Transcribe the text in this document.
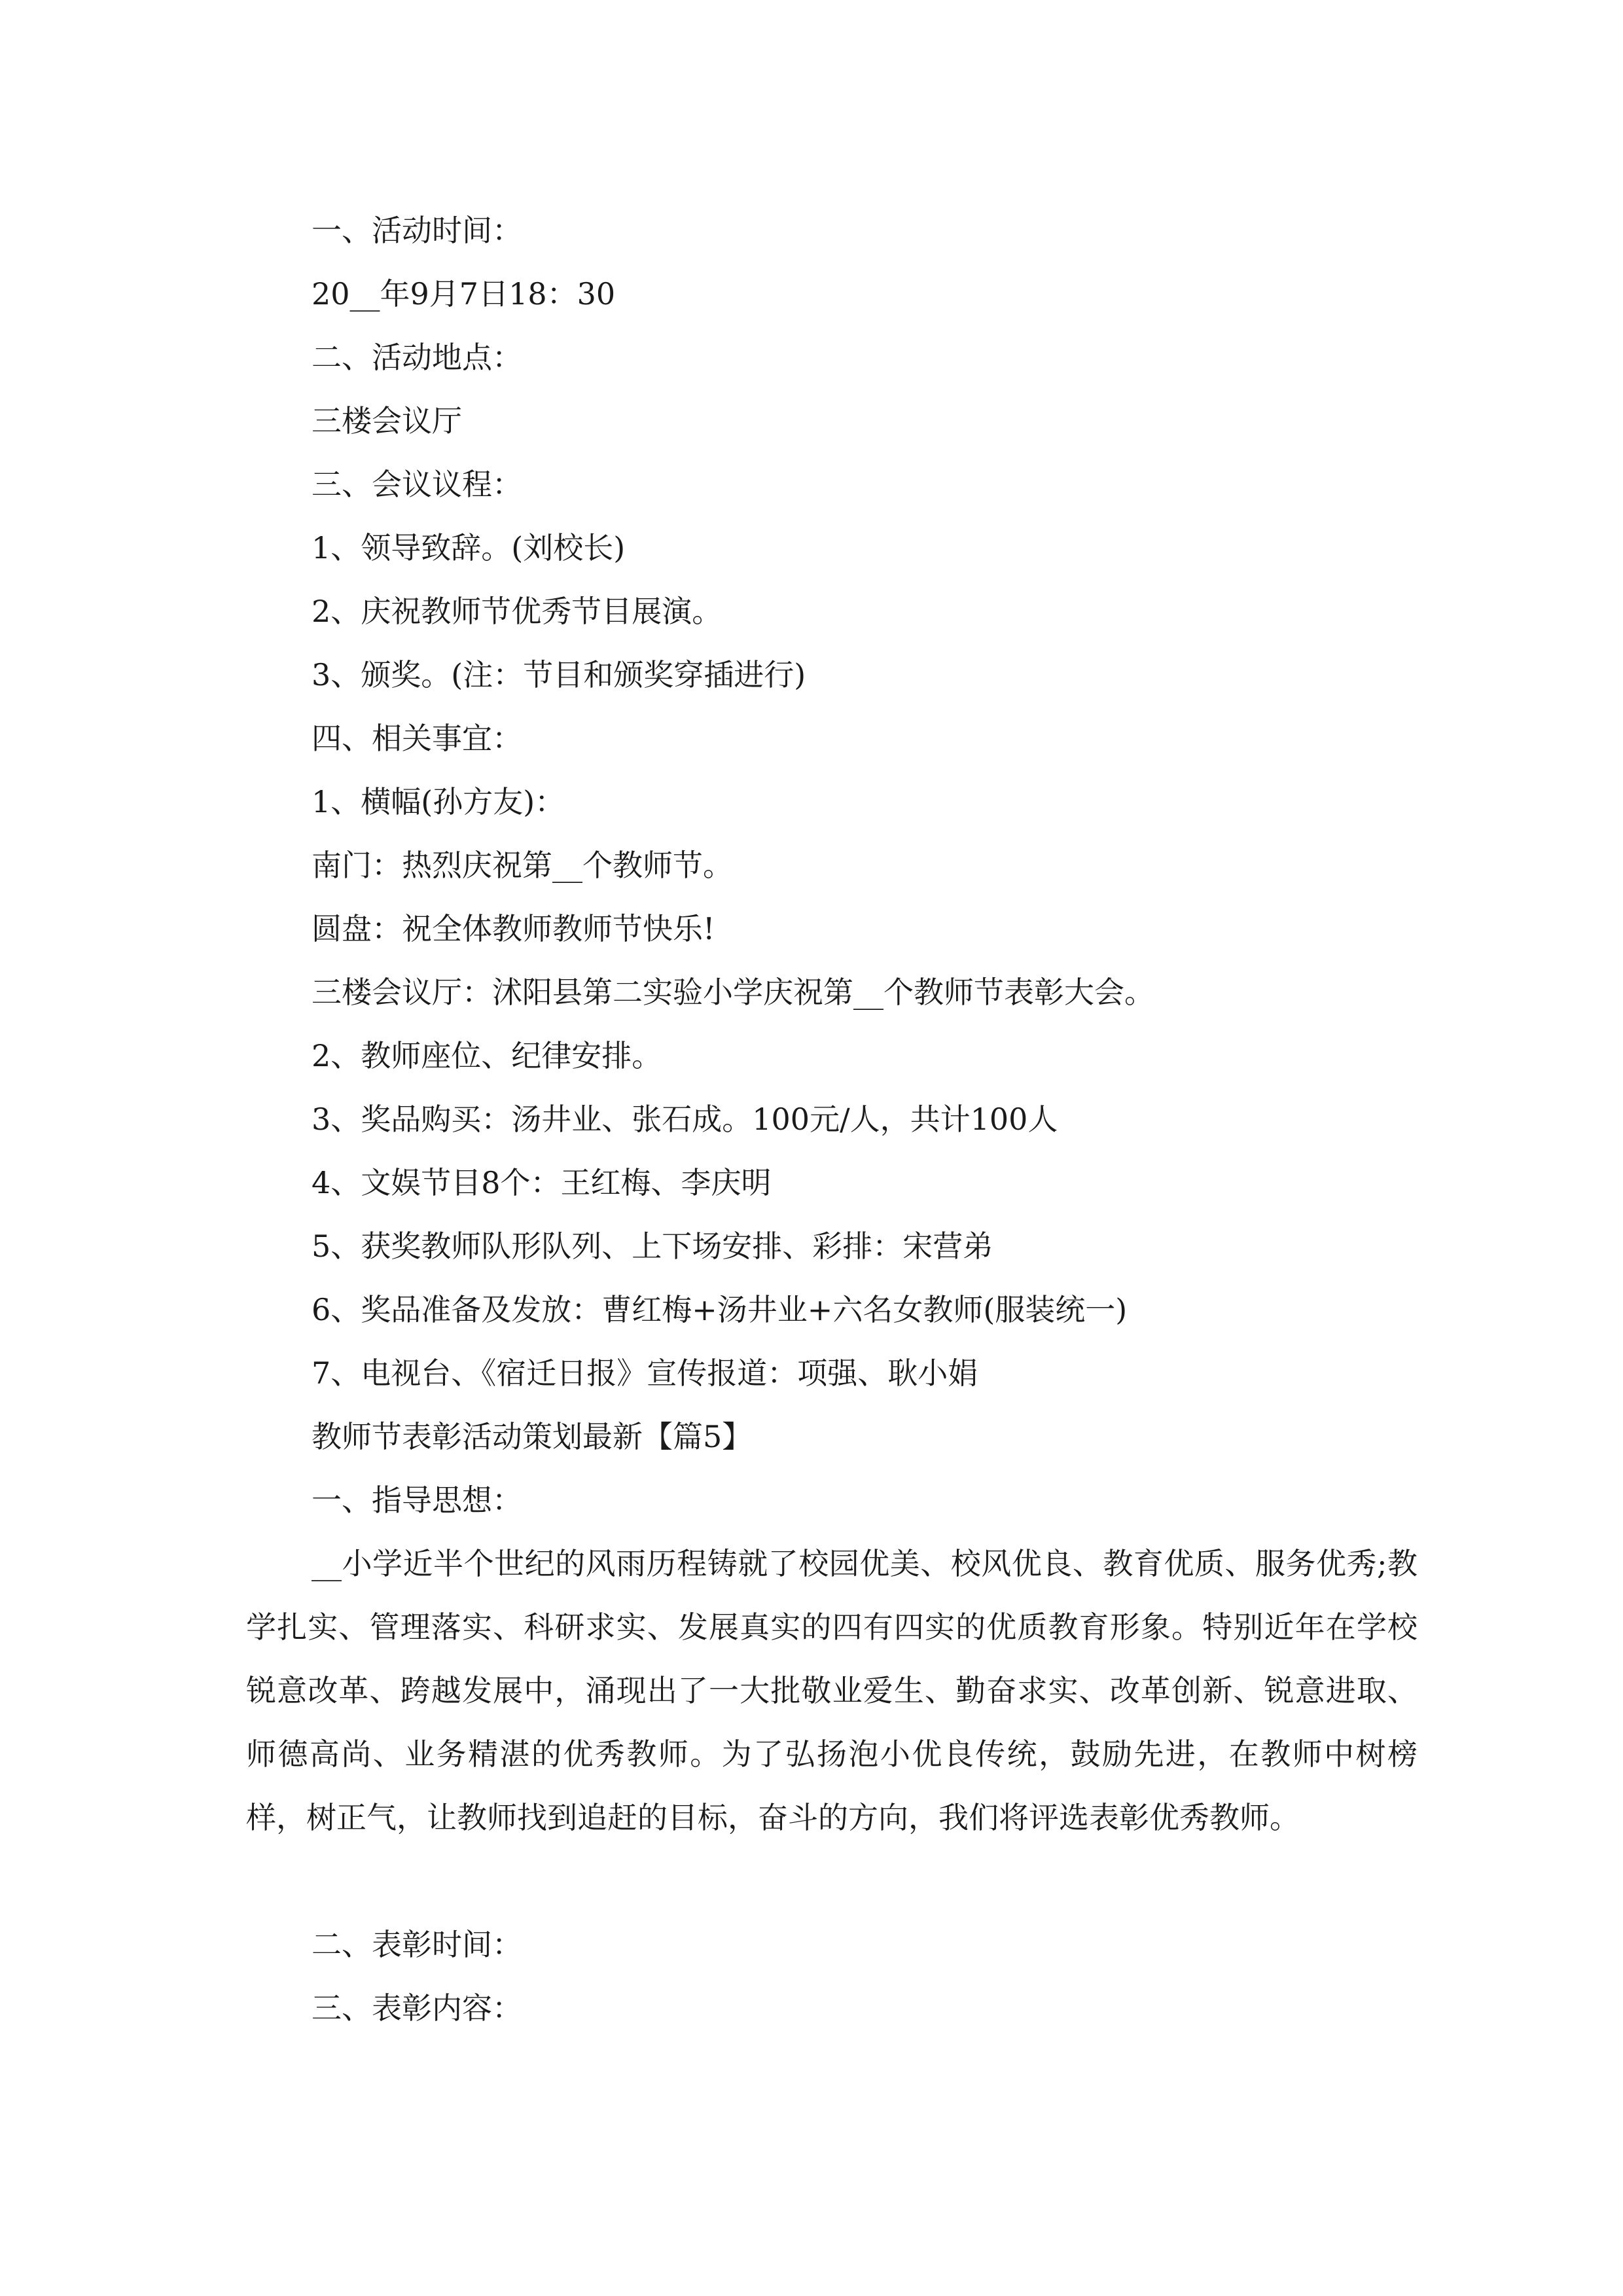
一、活动时间：
20__年9月7日18：30
二、活动地点：
三楼会议厅
三、会议议程：
1、领导致辞。(刘校长)
2、庆祝教师节优秀节目展演。
3、颁奖。(注：节目和颁奖穿插进行)
四、相关事宜：
1、横幅(孙方友)：
南门：热烈庆祝第__个教师节。
圆盘：祝全体教师教师节快乐!
三楼会议厅：沭阳县第二实验小学庆祝第__个教师节表彰大会。
2、教师座位、纪律安排。
3、奖品购买：汤井业、张石成。100元/人，共计100人
4、文娱节目8个：王红梅、李庆明
5、获奖教师队形队列、上下场安排、彩排：宋营弟
6、奖品准备及发放：曹红梅+汤井业+六名女教师(服装统一)
7、电视台、《宿迁日报》宣传报道：项强、耿小娟
教师节表彰活动策划最新【篇5】
一、指导思想：

__小学近半个世纪的风雨历程铸就了校园优美、校风优良、教育优质、服务优秀;教学扎实、管理落实、科研求实、发展真实的四有四实的优质教育形象。特别近年在学校锐意改革、跨越发展中，涌现出了一大批敬业爱生、勤奋求实、改革创新、锐意进取、师德高尚、业务精湛的优秀教师。为了弘扬泡小优良传统，鼓励先进，在教师中树榜样，树正气，让教师找到追赶的目标，奋斗的方向，我们将评选表彰优秀教师。

二、表彰时间：
三、表彰内容：
